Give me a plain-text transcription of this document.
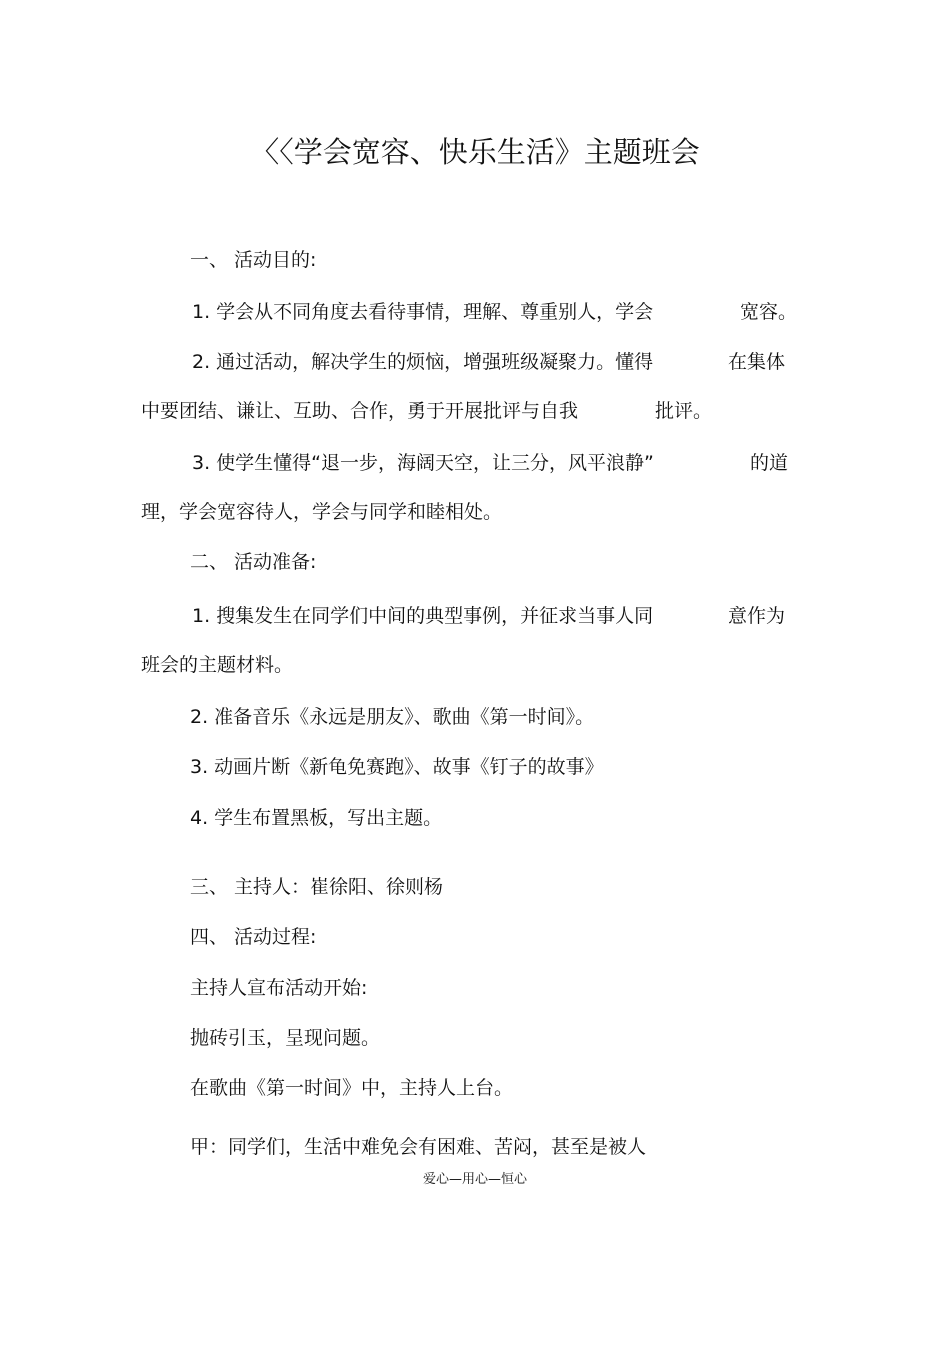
〈〈学会宽容、快乐生活》主题班会
一、 活动目的:
1. 学会从不同角度去看待事情，理解、尊重别人，学会	宽容。
2. 通过活动，解决学生的烦恼，增强班级凝聚力。懂得	在集体
中要团结、谦让、互助、合作，勇于开展批评与自我	批评。
3. 使学生懂得“退一步，海阔天空，让三分，风平浪静”	的道
理，学会宽容待人，学会与同学和睦相处。
二、 活动准备:
1. 搜集发生在同学们中间的典型事例，并征求当事人同	意作为
班会的主题材料。
2. 准备音乐《永远是朋友》、歌曲《第一时间》。
3. 动画片断《新龟免赛跑》、故事《钉子的故事》
4. 学生布置黑板，写出主题。
三、 主持人：崔徐阳、徐则杨
四、 活动过程:
主持人宣布活动开始:
抛砖引玉，呈现问题。
在歌曲《第一时间》中，主持人上台。
甲：同学们，生活中难免会有困难、苦闷，甚至是被人
爱心—用心—恒心
